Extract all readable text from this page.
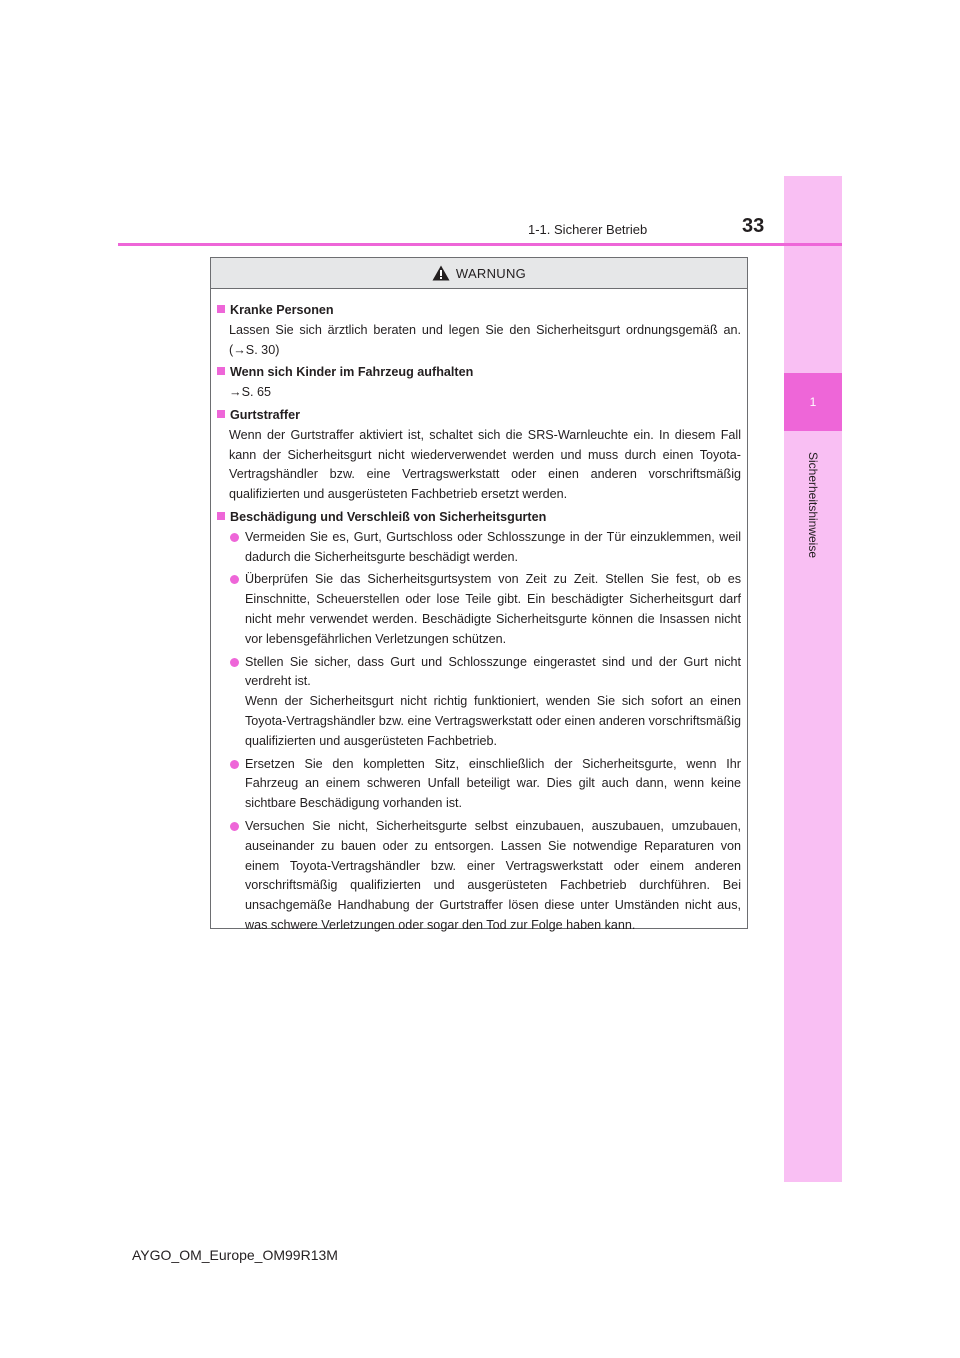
1
Sicherheitshinweise
1-1. Sicherer Betrieb	33
WARNUNG
Kranke Personen
Lassen Sie sich ärztlich beraten und legen Sie den Sicherheitsgurt ordnungsgemäß an. (→S. 30)
Wenn sich Kinder im Fahrzeug aufhalten
→S. 65
Gurtstraffer
Wenn der Gurtstraffer aktiviert ist, schaltet sich die SRS-Warnleuchte ein. In diesem Fall kann der Sicherheitsgurt nicht wiederverwendet werden und muss durch einen Toyota-Vertragshändler bzw. eine Vertragswerkstatt oder einen anderen vorschriftsmäßig qualifizierten und ausgerüsteten Fachbetrieb ersetzt werden.
Beschädigung und Verschleiß von Sicherheitsgurten
Vermeiden Sie es, Gurt, Gurtschloss oder Schlosszunge in der Tür einzuklemmen, weil dadurch die Sicherheitsgurte beschädigt werden.
Überprüfen Sie das Sicherheitsgurtsystem von Zeit zu Zeit. Stellen Sie fest, ob es Einschnitte, Scheuerstellen oder lose Teile gibt. Ein beschädigter Sicherheitsgurt darf nicht mehr verwendet werden. Beschädigte Sicherheitsgurte können die Insassen nicht vor lebensgefährlichen Verletzungen schützen.
Stellen Sie sicher, dass Gurt und Schlosszunge eingerastet sind und der Gurt nicht verdreht ist.
Wenn der Sicherheitsgurt nicht richtig funktioniert, wenden Sie sich sofort an einen Toyota-Vertragshändler bzw. eine Vertragswerkstatt oder einen anderen vorschriftsmäßig qualifizierten und ausgerüsteten Fachbetrieb.
Ersetzen Sie den kompletten Sitz, einschließlich der Sicherheitsgurte, wenn Ihr Fahrzeug an einem schweren Unfall beteiligt war. Dies gilt auch dann, wenn keine sichtbare Beschädigung vorhanden ist.
Versuchen Sie nicht, Sicherheitsgurte selbst einzubauen, auszubauen, umzubauen, auseinander zu bauen oder zu entsorgen. Lassen Sie notwendige Reparaturen von einem Toyota-Vertragshändler bzw. einer Vertragswerkstatt oder einem anderen vorschriftsmäßig qualifizierten und ausgerüsteten Fachbetrieb durchführen. Bei unsachgemäße Handhabung der Gurtstraffer lösen diese unter Umständen nicht aus, was schwere Verletzungen oder sogar den Tod zur Folge haben kann.
AYGO_OM_Europe_OM99R13M
